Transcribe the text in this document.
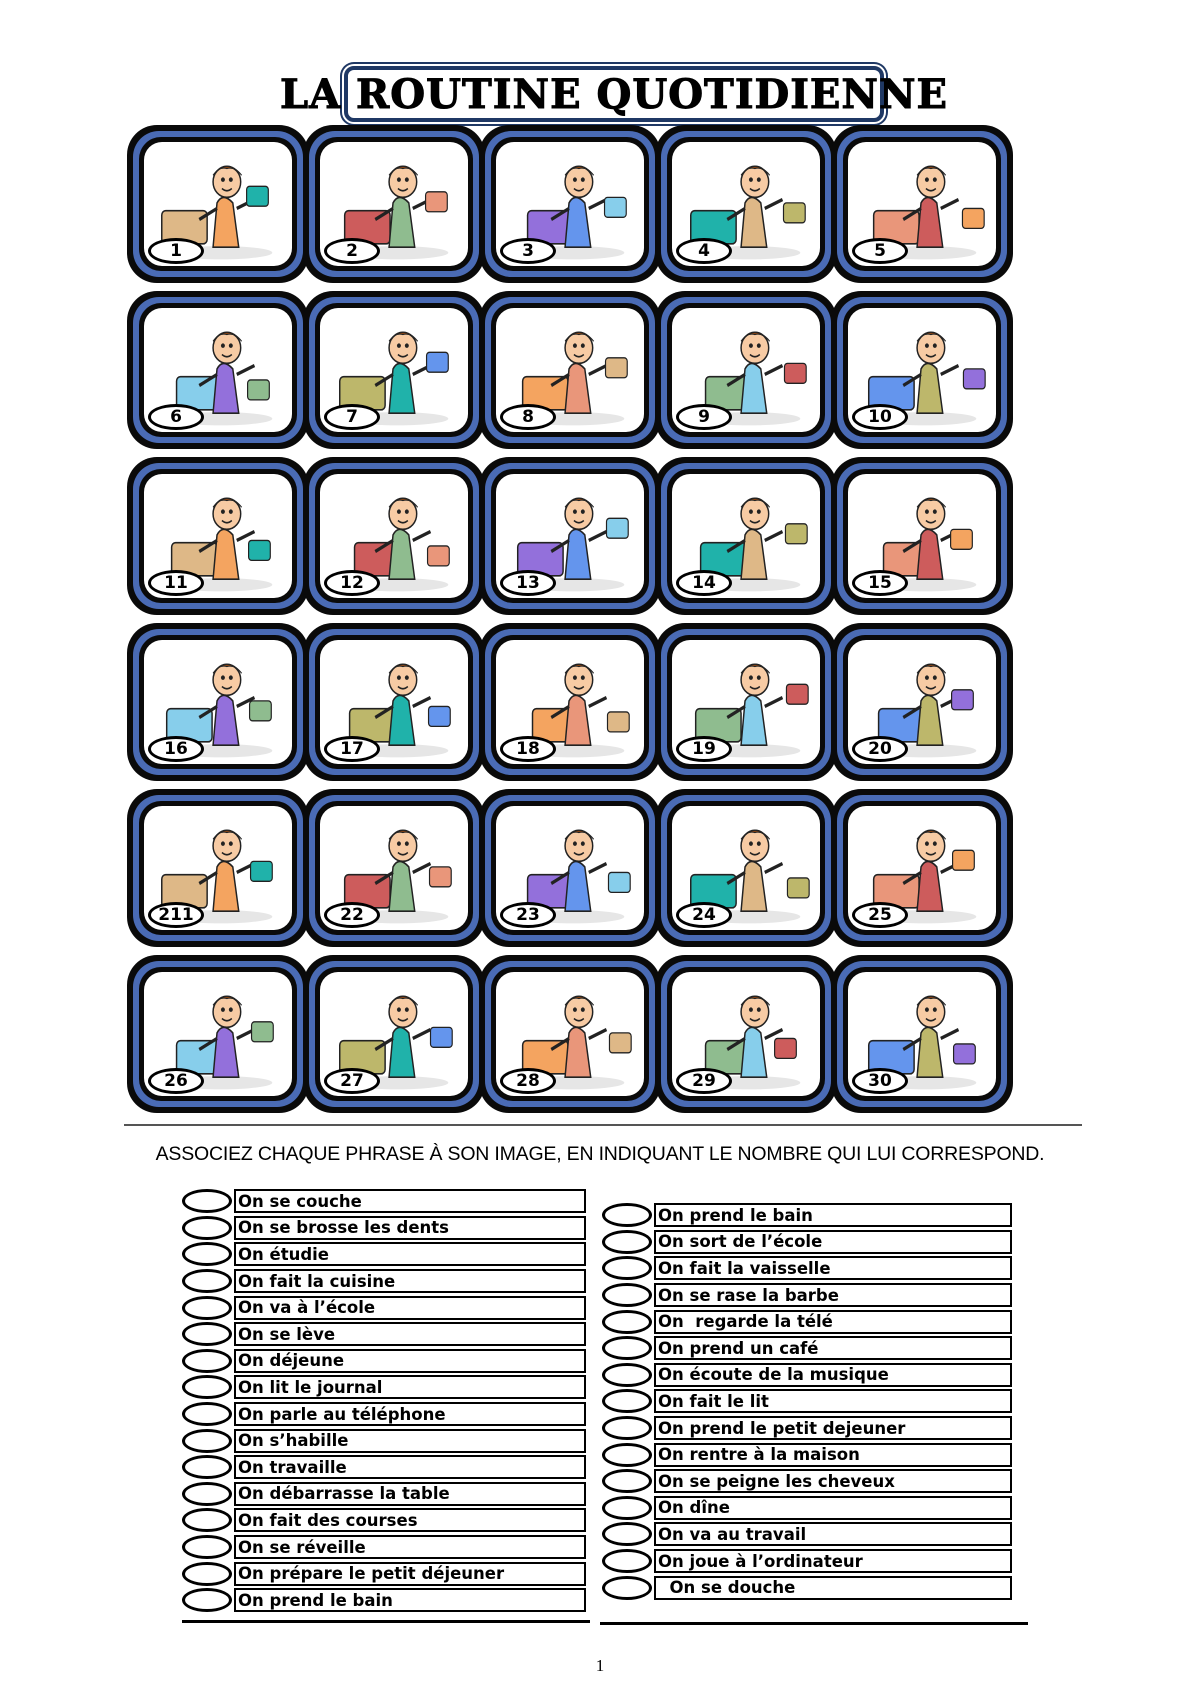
LA ROUTINE QUOTIDIENNE
1	2	3	4	5
6	7	8	9	10
11	12	13	14	15
16	17	18	19	20
211	22	23	24	25
26	27	28	29	30
ASSOCIEZ CHAQUE PHRASE À SON IMAGE, EN INDIQUANT LE NOMBRE QUI LUI CORRESPOND.
On se couche
On se brosse les dents
On étudie
On fait la cuisine
On va à l’école
On se lève
On déjeune
On lit le journal
On parle au téléphone
On s’habille
On travaille
On débarrasse la table
On fait des courses
On se réveille
On prépare le petit déjeuner
On prend le bain
On prend le bain
On sort de l’école
On fait la vaisselle
On se rase la barbe
On  regarde la télé
On prend un café
On écoute de la musique
On fait le lit
On prend le petit dejeuner
On rentre à la maison
On se peigne les cheveux
On dîne
On va au travail
On joue à l’ordinateur
On se douche
1
